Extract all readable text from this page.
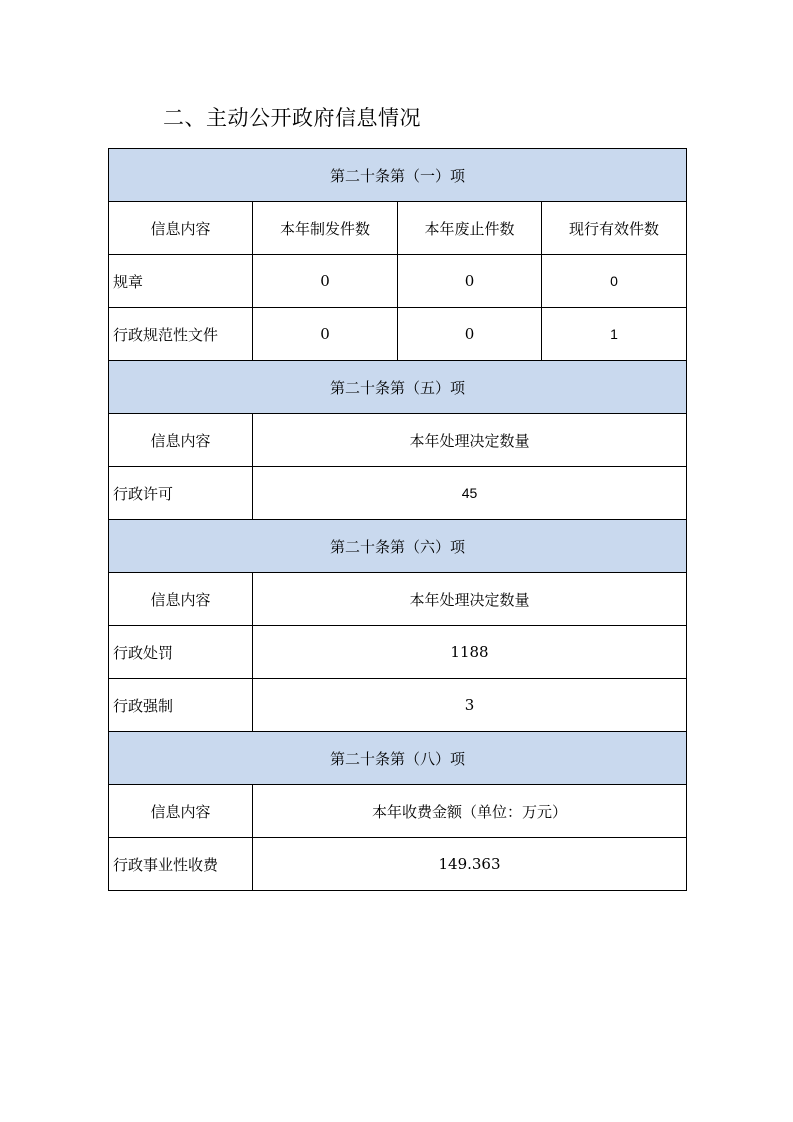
二、主动公开政府信息情况
第二十条第（一）项			
信息内容	本年制发件数	本年废止件数	现行有效件数
规章	0	0	0
行政规范性文件	0	0	1
第二十条第（五）项			
信息内容	本年处理决定数量		
行政许可	45		
第二十条第（六）项			
信息内容	本年处理决定数量		
行政处罚	1188		
行政强制	3		
第二十条第（八）项			
信息内容	本年收费金额（单位：万元）		
行政事业性收费	149.363		
